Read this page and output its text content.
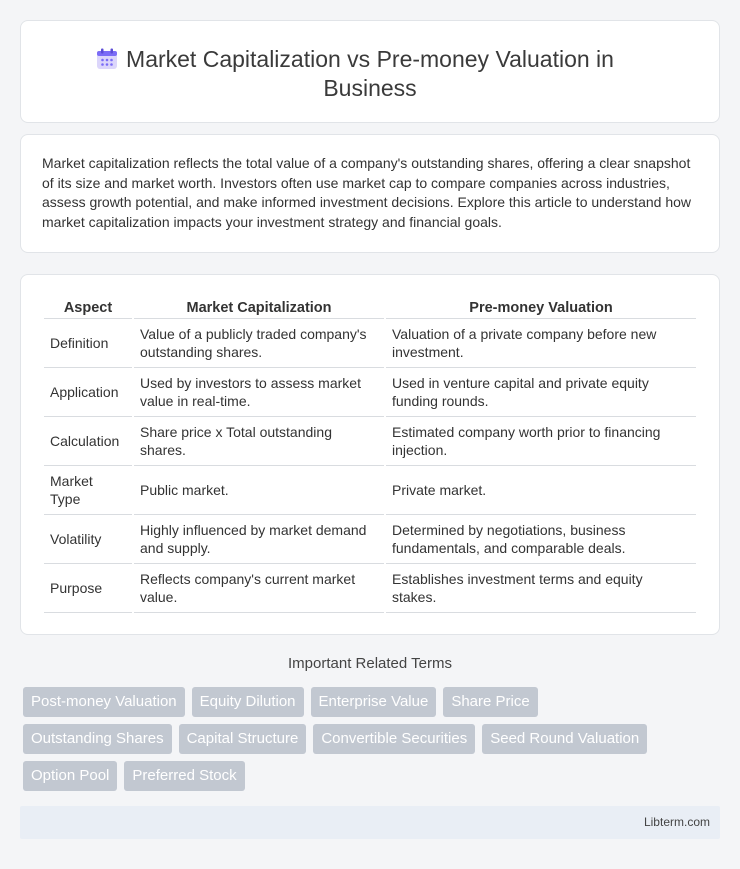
Market Capitalization vs Pre-money Valuation in
Business

Market capitalization reflects the total value of a company's outstanding shares, offering a clear snapshot of its size and market worth. Investors often use market cap to compare companies across industries, assess growth potential, and make informed investment decisions. Explore this article to understand how market capitalization impacts your investment strategy and financial goals.

Aspect	Market Capitalization	Pre-money Valuation
Definition	Value of a publicly traded company's outstanding shares.	Valuation of a private company before new investment.
Application	Used by investors to assess market value in real-time.	Used in venture capital and private equity funding rounds.
Calculation	Share price x Total outstanding shares.	Estimated company worth prior to financing injection.
Market Type	Public market.	Private market.
Volatility	Highly influenced by market demand and supply.	Determined by negotiations, business fundamentals, and comparable deals.
Purpose	Reflects company's current market value.	Establishes investment terms and equity stakes.
Important Related Terms
Post-money Valuation	Equity Dilution	Enterprise Value	Share Price
Outstanding Shares	Capital Structure	Convertible Securities	Seed Round Valuation
Option Pool	Preferred Stock
Libterm.com
